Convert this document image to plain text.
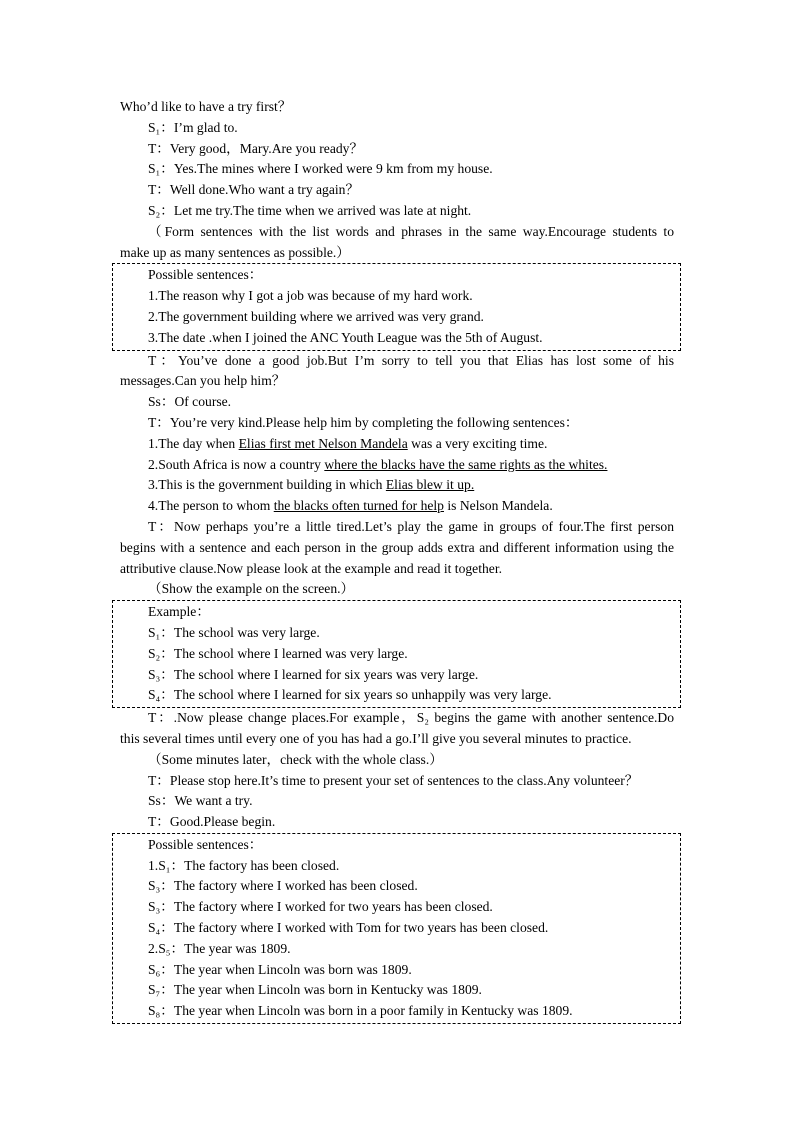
Who’d like to have a try first？
S₁：I’m glad to.
T：Very good，Mary.Are you ready？
S₁：Yes.The mines where I worked were 9 km from my house.
T：Well done.Who want a try again？
S₂：Let me try.The time when we arrived was late at night.
（Form sentences with the list words and phrases in the same way.Encourage students to
make up as many sentences as possible.）
Possible sentences：
1.The reason why I got a job was because of my hard work.
2.The government building where we arrived was very grand.
3.The date .when I joined the ANC Youth League was the 5th of August.
T：You’ve done a good job.But I’m sorry to tell you that Elias has lost some of his
messages.Can you help him？
Ss：Of course.
T：You’re very kind.Please help him by completing the following sentences：
1.The day when Elias first met Nelson Mandela was a very exciting time.
2.South Africa is now a country where the blacks have the same rights as the whites.
3.This is the government building in which Elias blew it up.
4.The person to whom the blacks often turned for help is Nelson Mandela.
T：Now perhaps you’re a little tired.Let’s play the game in groups of four.The first person
begins with a sentence and each person in the group adds extra and different information using the
attributive clause.Now please look at the example and read it together.
（Show the example on the screen.）
Example：
S₁：The school was very large.
S₂：The school where I learned was very large.
S₃：The school where I learned for six years was very large.
S₄：The school where I learned for six years so unhappily was very large.
T：.Now please change places.For example，S₂ begins the game with another sentence.Do
this several times until every one of you has had a go.I’ll give you several minutes to practice.
（Some minutes later，check with the whole class.）
T：Please stop here.It’s time to present your set of sentences to the class.Any volunteer？
Ss：We want a try.
T：Good.Please begin.
Possible sentences：
1.S₁：The factory has been closed.
S₃：The factory where I worked has been closed.
S₃：The factory where I worked for two years has been closed.
S₄：The factory where I worked with Tom for two years has been closed.
2.S₅：The year was 1809.
S₆：The year when Lincoln was born was 1809.
S₇：The year when Lincoln was born in Kentucky was 1809.
S₈：The year when Lincoln was born in a poor family in Kentucky was 1809.
